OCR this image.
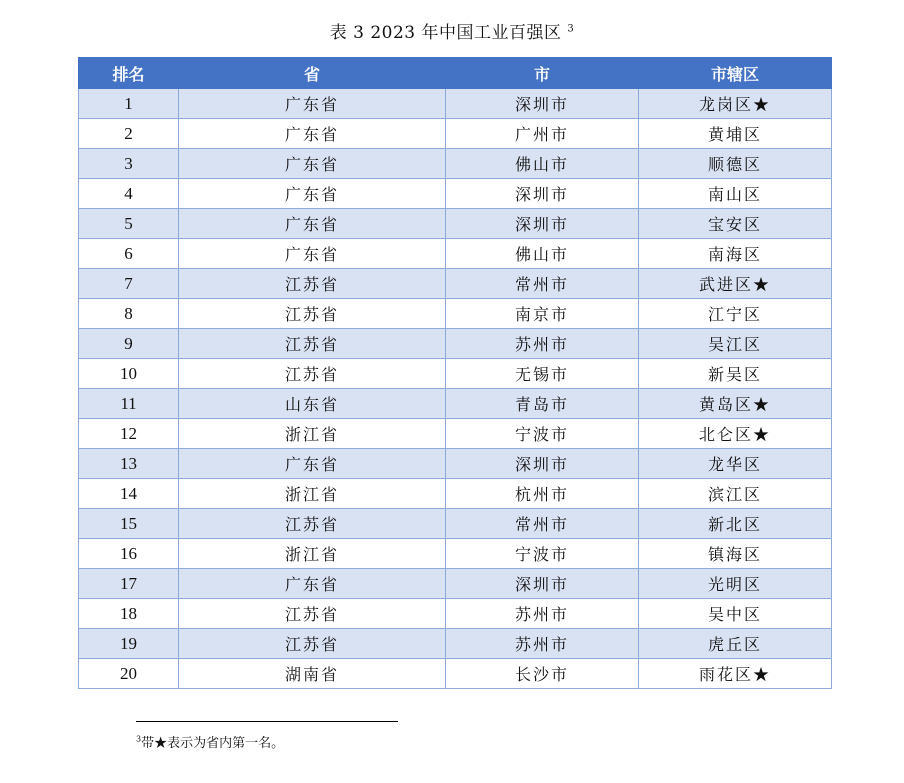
表 3 2023 年中国工业百强区 $^3$
排名	省	市	市辖区
1	广东省	深圳市	龙岗区★
2	广东省	广州市	黄埔区
3	广东省	佛山市	顺德区
4	广东省	深圳市	南山区
5	广东省	深圳市	宝安区
6	广东省	佛山市	南海区
7	江苏省	常州市	武进区★
8	江苏省	南京市	江宁区
9	江苏省	苏州市	吴江区
10	江苏省	无锡市	新吴区
11	山东省	青岛市	黄岛区★
12	浙江省	宁波市	北仑区★
13	广东省	深圳市	龙华区
14	浙江省	杭州市	滨江区
15	江苏省	常州市	新北区
16	浙江省	宁波市	镇海区
17	广东省	深圳市	光明区
18	江苏省	苏州市	吴中区
19	江苏省	苏州市	虎丘区
20	湖南省	长沙市	雨花区★
$^3$带★表示为省内第一名。
